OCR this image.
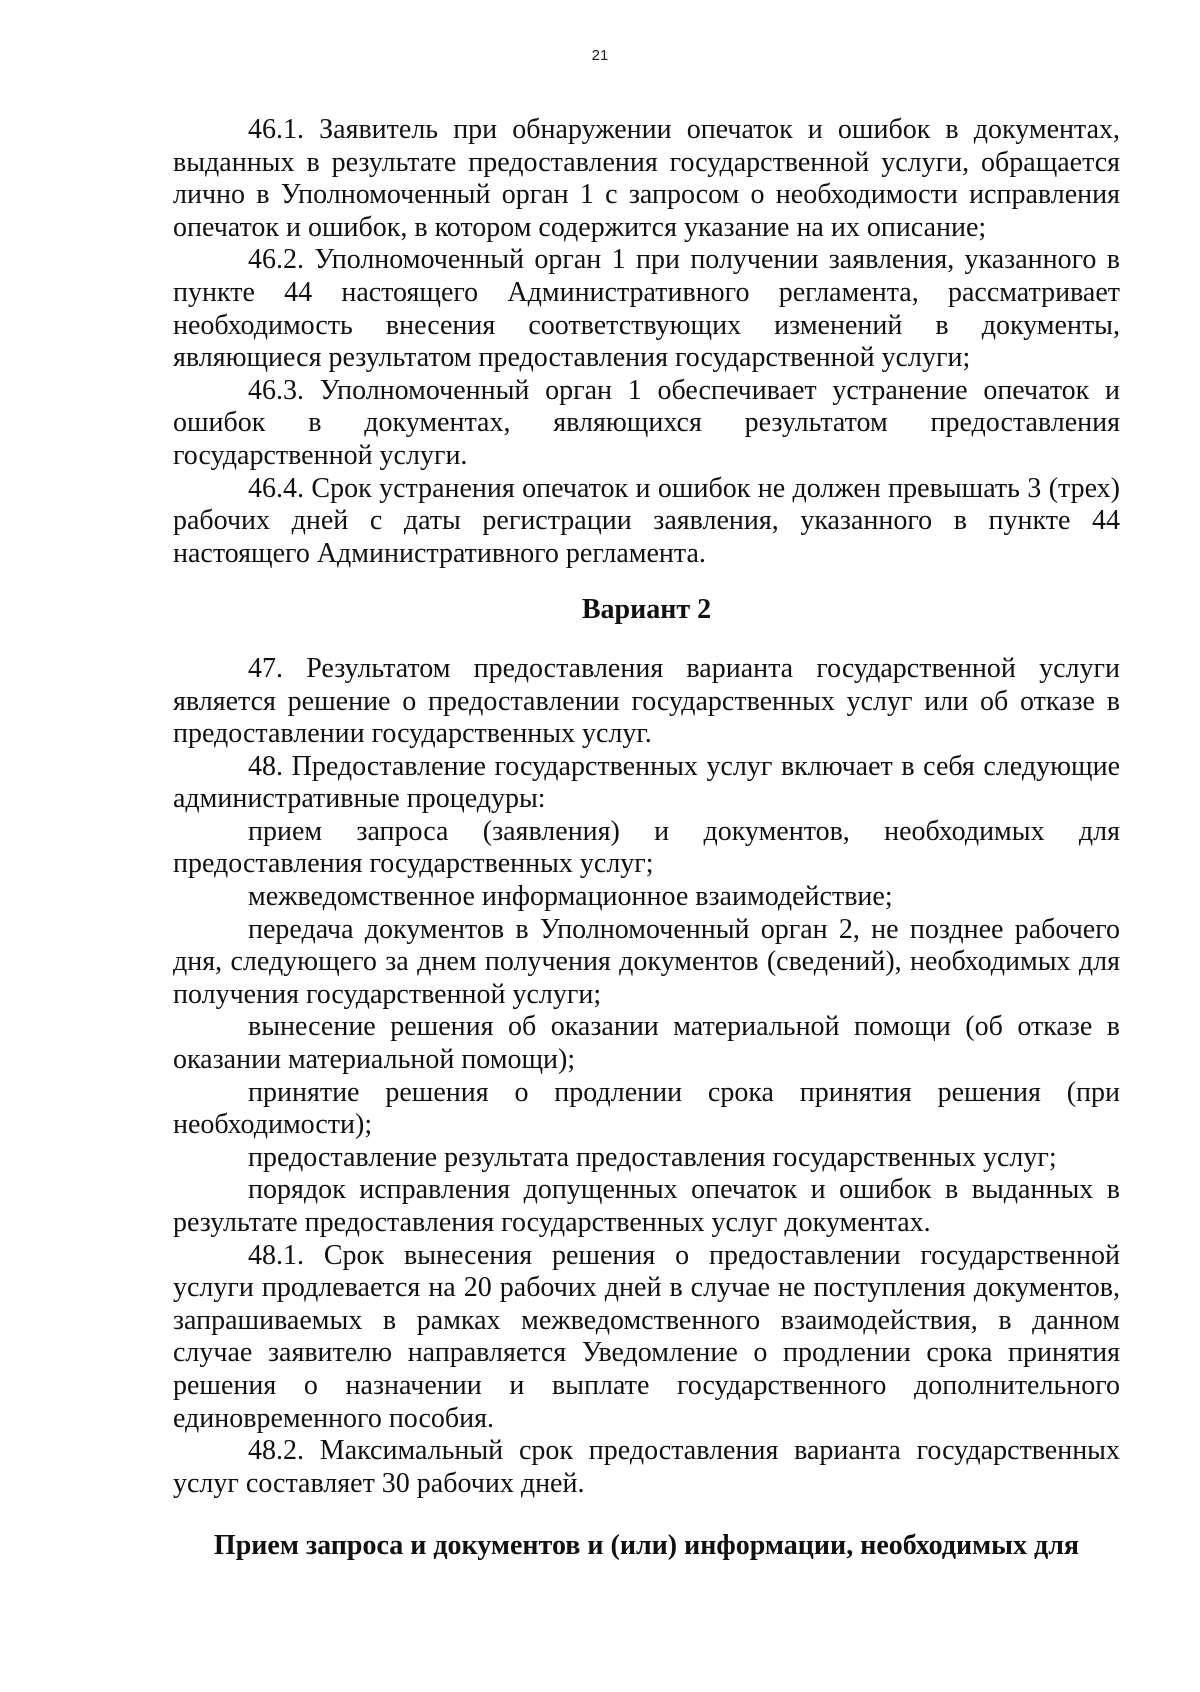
21

46.1. Заявитель при обнаружении опечаток и ошибок в документах, выданных в результате предоставления государственной услуги, обращается лично в Уполномоченный орган 1 с запросом о необходимости исправления опечаток и ошибок, в котором содержится указание на их описание;

46.2. Уполномоченный орган 1 при получении заявления, указанного в пункте 44 настоящего Административного регламента, рассматривает необходимость внесения соответствующих изменений в документы, являющиеся результатом предоставления государственной услуги;

46.3. Уполномоченный орган 1 обеспечивает устранение опечаток и ошибок в документах, являющихся результатом предоставления государственной услуги.

46.4. Срок устранения опечаток и ошибок не должен превышать 3 (трех) рабочих дней с даты регистрации заявления, указанного в пункте 44 настоящего Административного регламента.

Вариант 2

47. Результатом предоставления варианта государственной услуги является решение о предоставлении государственных услуг или об отказе в предоставлении государственных услуг.

48. Предоставление государственных услуг включает в себя следующие административные процедуры:

прием запроса (заявления) и документов, необходимых для предоставления государственных услуг;

межведомственное информационное взаимодействие;

передача документов в Уполномоченный орган 2, не позднее рабочего дня, следующего за днем получения документов (сведений), необходимых для получения государственной услуги;

вынесение решения об оказании материальной помощи (об отказе в оказании материальной помощи);

принятие решения о продлении срока принятия решения (при необходимости);

предоставление результата предоставления государственных услуг;

порядок исправления допущенных опечаток и ошибок в выданных в результате предоставления государственных услуг документах.

48.1. Срок вынесения решения о предоставлении государственной услуги продлевается на 20 рабочих дней в случае не поступления документов, запрашиваемых в рамках межведомственного взаимодействия, в данном случае заявителю направляется Уведомление о продлении срока принятия решения о назначении и выплате государственного дополнительного единовременного пособия.

48.2. Максимальный срок предоставления варианта государственных услуг составляет 30 рабочих дней.

Прием запроса и документов и (или) информации, необходимых для
